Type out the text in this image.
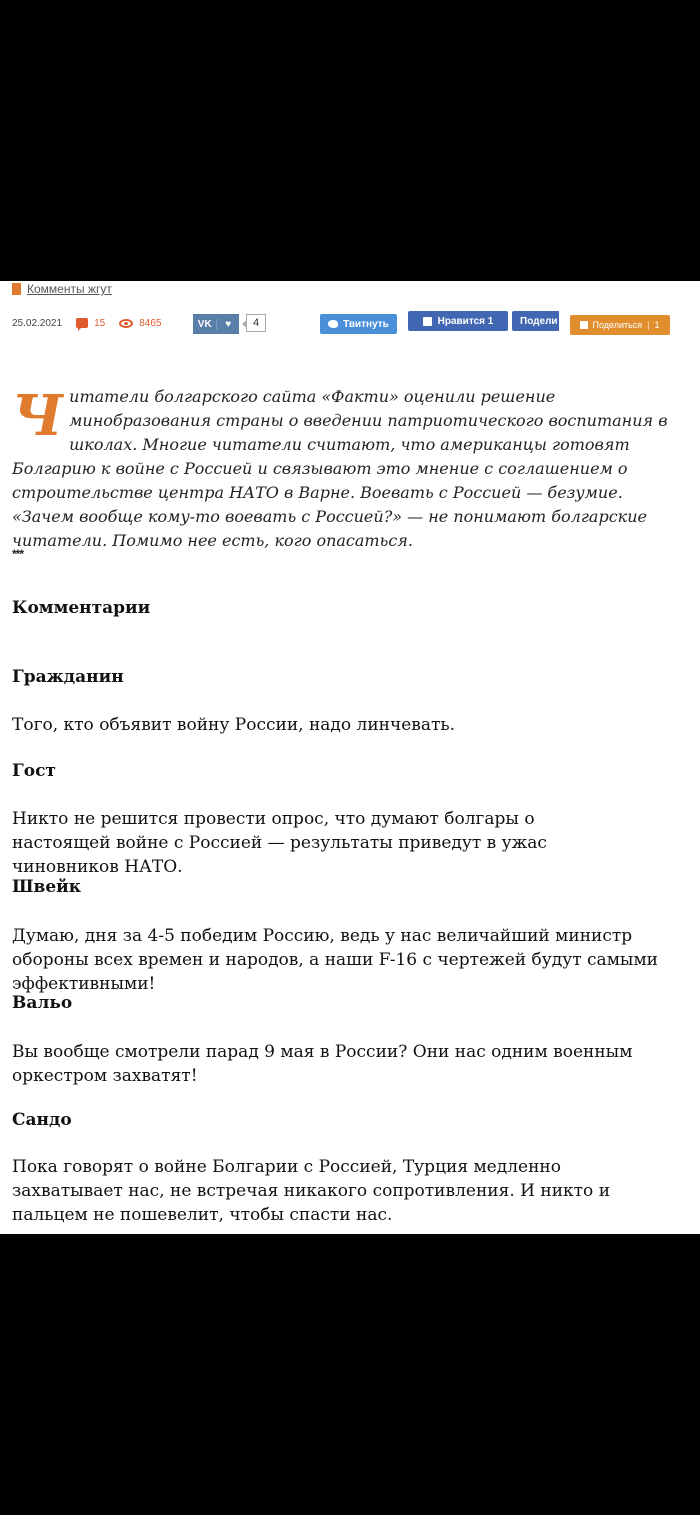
Комменты жгут
25.02.2021	15	8465	VK	♥	4	Твитнуть	Нравится 1	Подели	Поделиться | 1
Читатели болгарского сайта «Факти» оценили решение минобразования страны о введении патриотического воспитания в школах. Многие читатели считают, что американцы готовят Болгарию к войне с Россией и связывают это мнение с соглашением о строительстве центра НАТО в Варне. Воевать с Россией — безумие. «Зачем вообще кому-то воевать с Россией?» — не понимают болгарские читатели. Помимо нее есть, кого опасаться.
***
Комментарии
Гражданин
Того, кто объявит войну России, надо линчевать.
Гост
Никто не решится провести опрос, что думают болгары о настоящей войне с Россией — результаты приведут в ужас чиновников НАТО.
Швейк
Думаю, дня за 4-5 победим Россию, ведь у нас величайший министр обороны всех времен и народов, а наши F-16 с чертежей будут самыми эффективными!
Вальо
Вы вообще смотрели парад 9 мая в России? Они нас одним военным оркестром захватят!
Сандо
Пока говорят о войне Болгарии с Россией, Турция медленно захватывает нас, не встречая никакого сопротивления. И никто и пальцем не пошевелит, чтобы спасти нас.
